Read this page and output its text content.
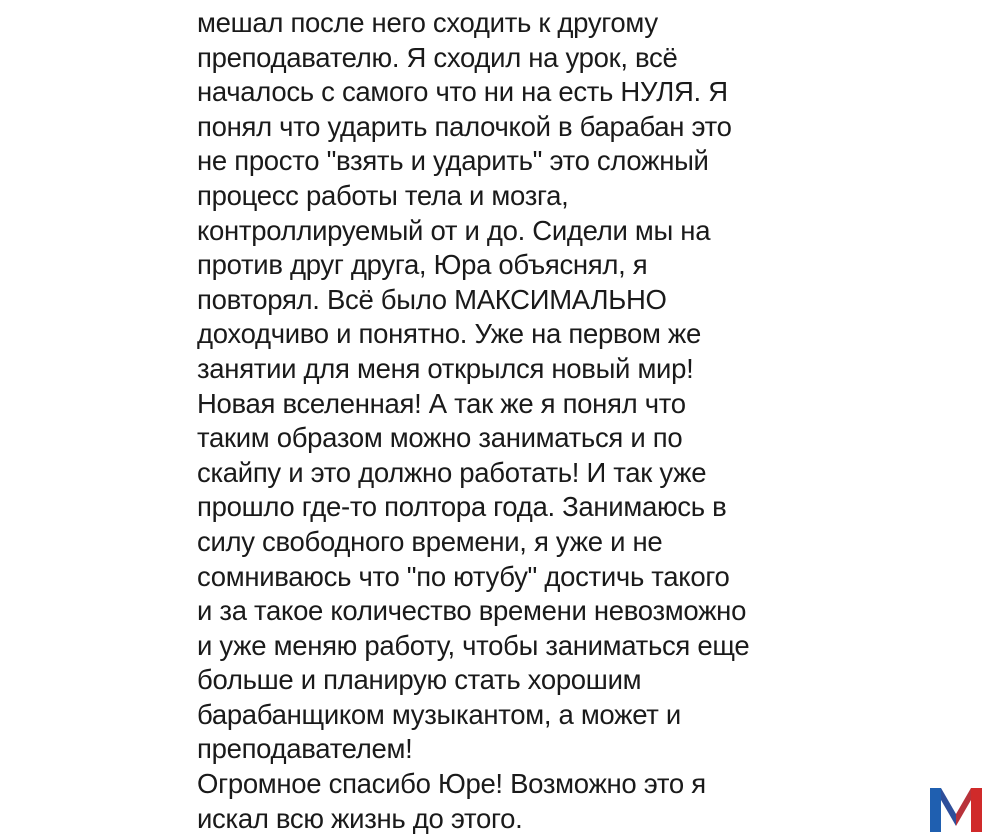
мешал после него сходить к другому
преподавателю. Я сходил на урок, всё
началось с самого что ни на есть НУЛЯ. Я
понял что ударить палочкой в барабан это
не просто "взять и ударить" это сложный
процесс работы тела и мозга,
контроллируемый от и до. Сидели мы на
против друг друга, Юра объяснял, я
повторял. Всё было МАКСИМАЛЬНО
доходчиво и понятно. Уже на первом же
занятии для меня открылся новый мир!
Новая вселенная! А так же я понял что
таким образом можно заниматься и по
скайпу и это должно работать! И так уже
прошло где-то полтора года. Занимаюсь в
силу свободного времени, я уже и не
сомниваюсь что "по ютубу" достичь такого
и за такое количество времени невозможно
и уже меняю работу, чтобы заниматься еще
больше и планирую стать хорошим
барабанщиком музыкантом, а может и
преподавателем!
Огромное спасибо Юре! Возможно это я
искал всю жизнь до этого.
